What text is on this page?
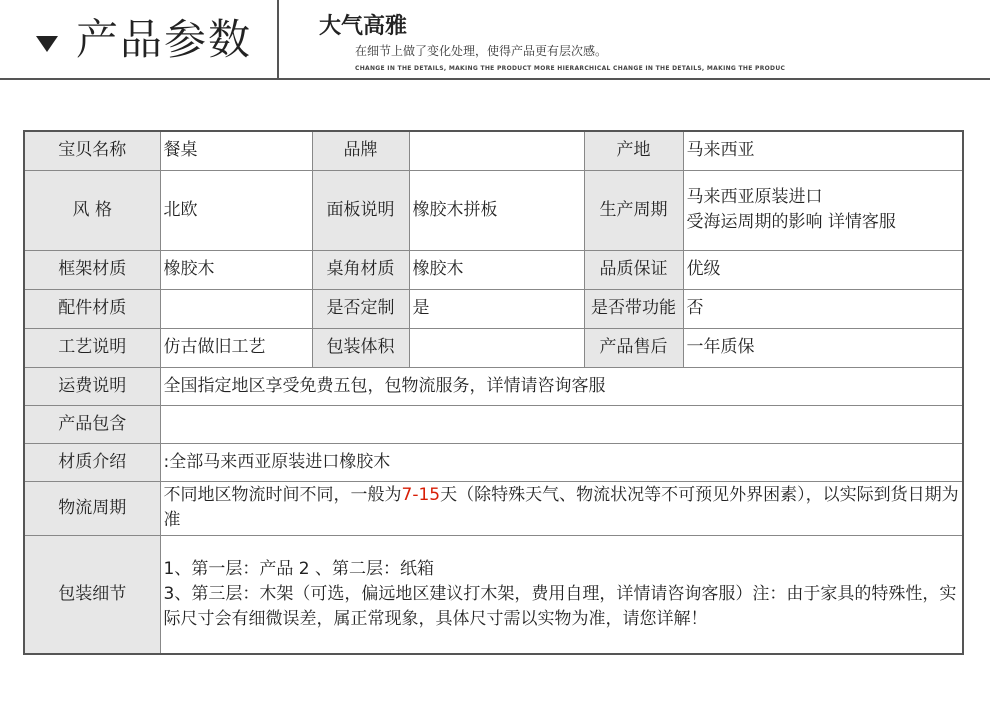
产品参数	大气高雅
在细节上做了变化处理，使得产品更有层次感。
CHANGE IN THE DETAILS, MAKING THE PRODUCT MORE HIERARCHICAL CHANGE IN THE DETAILS, MAKING THE PRODUC
宝贝名称	餐桌	品牌		产地	马来西亚
风 格	北欧	面板说明	橡胶木拼板	生产周期	马来西亚原装进口
受海运周期的影响 详情客服

框架材质	橡胶木	桌角材质	橡胶木	品质保证	优级
配件材质		是否定制	是	是否带功能	否
工艺说明	仿古做旧工艺	包装体积		产品售后	一年质保
运费说明	全国指定地区享受免费五包，包物流服务，详情请咨询客服				
产品包含					
材质介绍	:全部马来西亚原装进口橡胶木				
物流周期	不同地区物流时间不同，一般为7-15天（除特殊天气、物流状况等不可预见外界困素），以实际到货日期为准				
包装细节	1、第一层：产品 2 、第二层：纸箱
3、第三层：木架（可选，偏远地区建议打木架，费用自理，详情请咨询客服）注：由于家具的特殊性，实际尺寸会有细微误差，属正常现象，具体尺寸需以实物为准，请您详解！				
